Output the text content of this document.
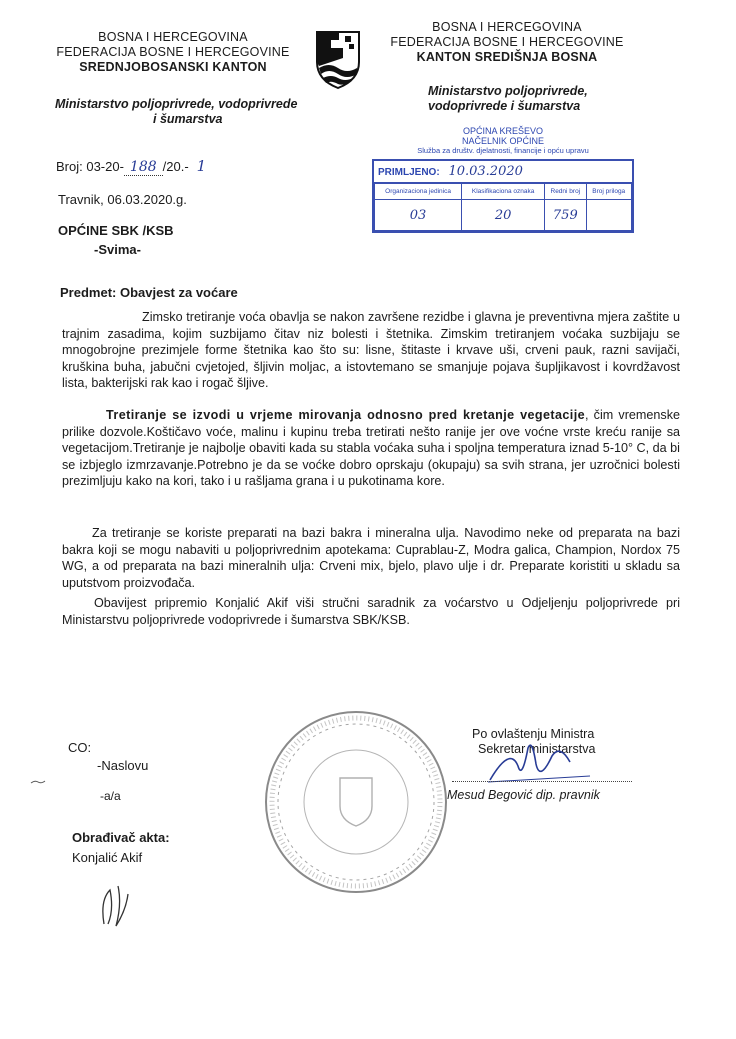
BOSNA I HERCEGOVINA
FEDERACIJA BOSNE I HERCEGOVINE
SREDNJOBOSANSKI KANTON
Ministarstvo poljoprivrede, vodoprivrede
i šumarstva
BOSNA I HERCEGOVINA
FEDERACIJA BOSNE I HERCEGOVINE
KANTON SREDIŠNJA BOSNA
Ministarstvo poljoprivrede,
vodoprivrede i šumarstva
Broj: 03-20- 188 /20.- 1
Travnik, 06.03.2020.g.
OPĆINA KREŠEVO
NAČELNIK OPĆINE
Služba za društv. djelatnosti, financije i opću upravu
PRIMLJENO: 10.03.2020
Organizaciona jedinica	Klasifikaciona oznaka	Redni broj	Broj priloga
03	20	759	
OPĆINE SBK /KSB
-Svima-
Predmet: Obavjest za voćare
Zimsko tretiranje voća obavlja se nakon završene rezidbe i glavna je preventivna mjera zaštite u trajnim zasadima, kojim suzbijamo čitav niz bolesti i štetnika. Zimskim tretiranjem voćaka suzbijaju se mnogobrojne prezimjele forme štetnika kao što su: lisne, štitaste i krvave uši, crveni pauk, razni savijači, kruškina buha, jabučni cvjetojed, šljivin moljac, a istovtemano se smanjuje pojava šupljikavost i kovrdžavost lista, bakterijski rak kao i rogač šljive.
Tretiranje se izvodi u vrjeme mirovanja odnosno pred kretanje vegetacije, čim vremenske prilike dozvole.Koštičavo voće, malinu i kupinu treba tretirati nešto ranije jer ove voćne vrste kreću ranije sa vegetacijom.Tretiranje je najbolje obaviti kada su stabla voćaka suha i spoljna temperatura iznad 5-10° C, da bi se izbjeglo izmrzavanje.Potrebno je da se voćke dobro oprskaju (okupaju) sa svih strana, jer uzročnici bolesti prezimljuju kako na kori, tako i u rašljama grana i u pukotinama kore.
Za tretiranje se koriste preparati na bazi bakra i mineralna ulja. Navodimo neke od preparata na bazi bakra koji se mogu nabaviti u poljoprivrednim apotekama: Cuprablau-Z, Modra galica, Champion, Nordox 75 WG, a od preparata na bazi mineralnih ulja: Crveni mix, bjelo, plavo ulje i dr. Preparate koristiti u skladu sa uputstvom proizvođača.
Obavijest pripremio Konjalić Akif viši stručni saradnik za voćarstvo u Odjeljenju poljoprivrede pri Ministarstvu poljoprivrede vodoprivrede i šumarstva SBK/KSB.
CO:
-Naslovu
-a/a
Obrađivač akta:
Konjalić Akif
Po ovlaštenju Ministra
Sekretar ministarstva
Mesud Begović dip. pravnik
